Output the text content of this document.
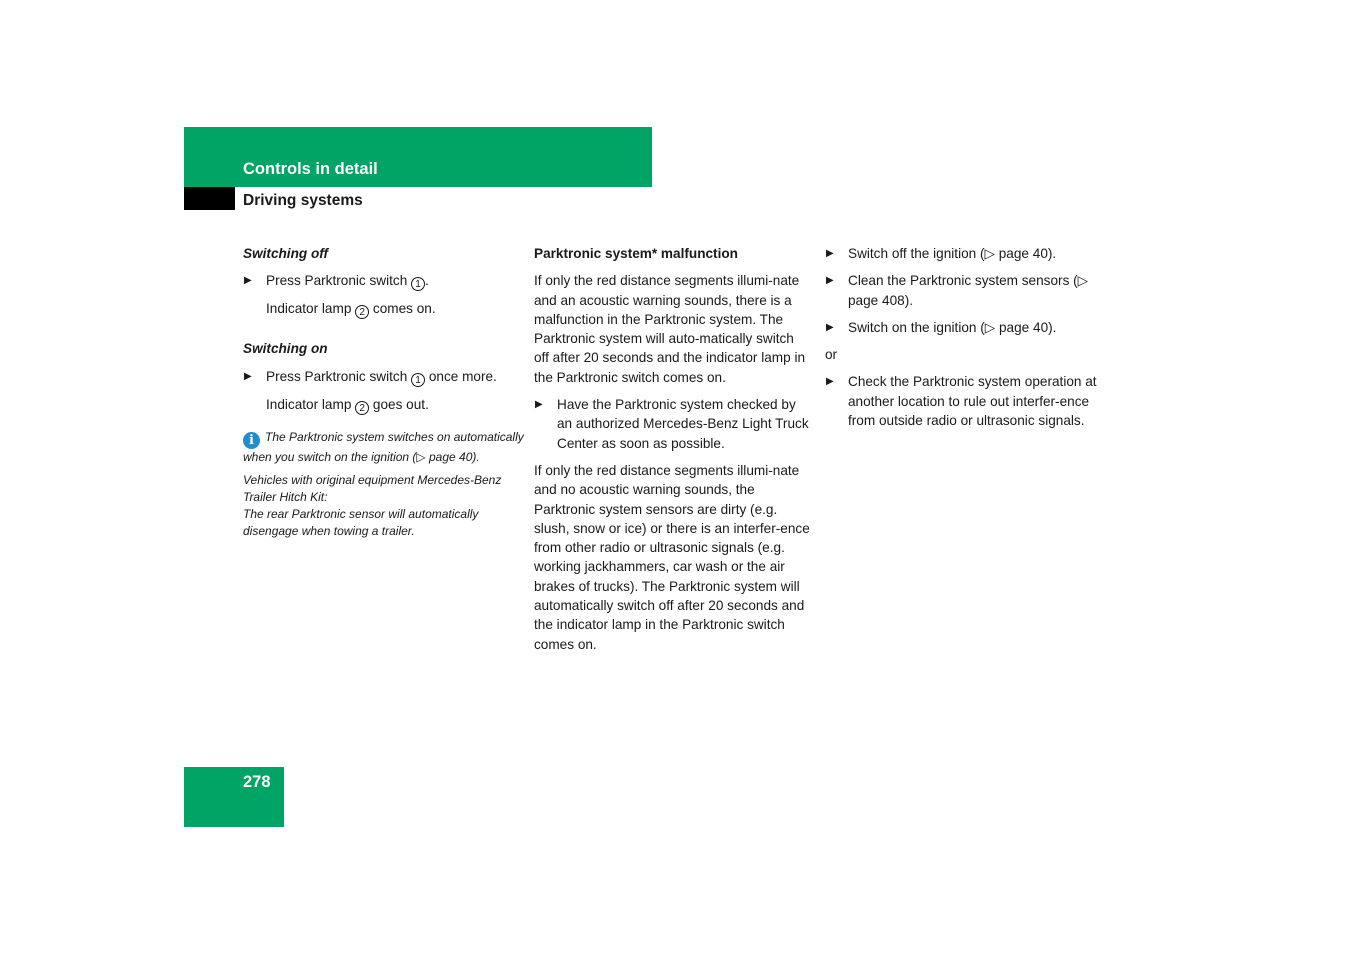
Controls in detail
Driving systems

Switching off

▶ Press Parktronic switch 1 .

Indicator lamp 2 comes on.

Switching on

▶ Press Parktronic switch 1 once more.

Indicator lamp 2 goes out.

i The Parktronic system switches on automatically when you switch on the ignition (▷ page 40).

Vehicles with original equipment Mercedes-Benz Trailer Hitch Kit:

The rear Parktronic sensor will automatically disengage when towing a trailer.

Parktronic system* malfunction

If only the red distance segments illumi-nate and an acoustic warning sounds, there is a malfunction in the Parktronic system. The Parktronic system will auto-matically switch off after 20 seconds and the indicator lamp in the Parktronic switch comes on.

▶ Have the Parktronic system checked by an authorized Mercedes-Benz Light Truck Center as soon as possible.

If only the red distance segments illumi-nate and no acoustic warning sounds, the Parktronic system sensors are dirty (e.g. slush, snow or ice) or there is an interfer-ence from other radio or ultrasonic signals (e.g. working jackhammers, car wash or the air brakes of trucks). The Parktronic system will automatically switch off after 20 seconds and the indicator lamp in the Parktronic switch comes on.

▶ Switch off the ignition (▷ page 40).

▶ Clean the Parktronic system sensors (▷ page 408).

▶ Switch on the ignition (▷ page 40).

or

▶ Check the Parktronic system operation at another location to rule out interfer-ence from outside radio or ultrasonic signals.

278
